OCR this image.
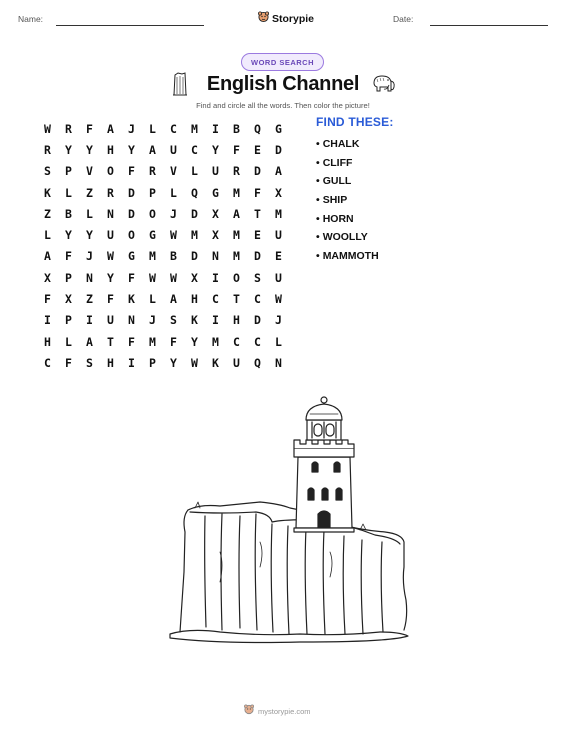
Name:	Storypie	Date:
WORD SEARCH
English Channel
Find and circle all the words. Then color the picture!
W	R	F	A	J	L	C	M	I	B	Q	G
R	Y	Y	H	Y	A	U	C	Y	F	E	D
S	P	V	O	F	R	V	L	U	R	D	A
K	L	Z	R	D	P	L	Q	G	M	F	X
Z	B	L	N	D	O	J	D	X	A	T	M
L	Y	Y	U	O	G	W	M	X	M	E	U
A	F	J	W	G	M	B	D	N	M	D	E
X	P	N	Y	F	W	W	X	I	O	S	U
F	X	Z	F	K	L	A	H	C	T	C	W
I	P	I	U	N	J	S	K	I	H	D	J
H	L	A	T	F	M	F	Y	M	C	C	L
C	F	S	H	I	P	Y	W	K	U	Q	N
FIND THESE:
• CHALK
• CLIFF
• GULL
• SHIP
• HORN
• WOOLLY
• MAMMOTH
mystorypie.com
